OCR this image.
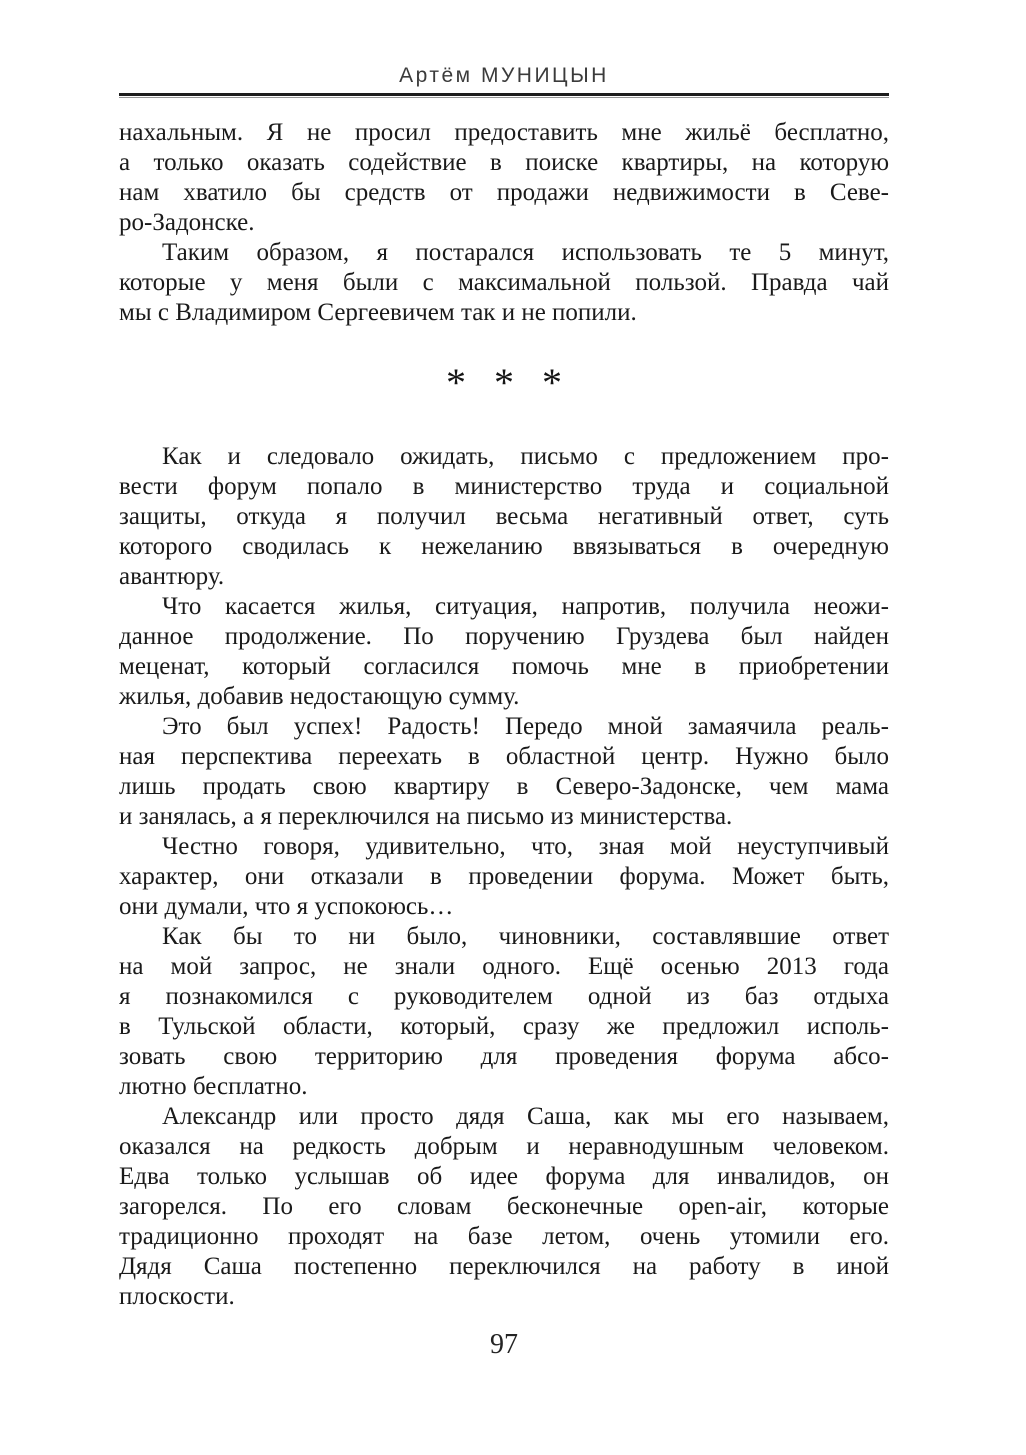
Артём МУНИЦЫН
нахальным. Я не просил предоставить мне жильё бесплатно,
а только оказать содействие в поиске квартиры, на которую
нам хватило бы средств от продажи недвижимости в Севе-
ро-Задонске.
Таким образом, я постарался использовать те 5 минут,
которые у меня были с максимальной пользой. Правда чай
мы с Владимиром Сергеевичем так и не попили.
* * *
Как и следовало ожидать, письмо с предложением про-
вести форум попало в министерство труда и социальной
защиты, откуда я получил весьма негативный ответ, суть
которого сводилась к нежеланию ввязываться в очередную
авантюру.
Что касается жилья, ситуация, напротив, получила неожи-
данное продолжение. По поручению Груздева был найден
меценат, который согласился помочь мне в приобретении
жилья, добавив недостающую сумму.
Это был успех! Радость! Передо мной замаячила реаль-
ная перспектива переехать в областной центр. Нужно было
лишь продать свою квартиру в Северо-Задонске, чем мама
и занялась, а я переключился на письмо из министерства.
Честно говоря, удивительно, что, зная мой неуступчивый
характер, они отказали в проведении форума. Может быть,
они думали, что я успокоюсь…
Как бы то ни было, чиновники, составлявшие ответ
на мой запрос, не знали одного. Ещё осенью 2013 года
я познакомился с руководителем одной из баз отдыха
в Тульской области, который, сразу же предложил исполь-
зовать свою территорию для проведения форума абсо-
лютно бесплатно.
Александр или просто дядя Саша, как мы его называем,
оказался на редкость добрым и неравнодушным человеком.
Едва только услышав об идее форума для инвалидов, он
загорелся. По его словам бесконечные open-air, которые
традиционно проходят на базе летом, очень утомили его.
Дядя Саша постепенно переключился на работу в иной
плоскости.
97
